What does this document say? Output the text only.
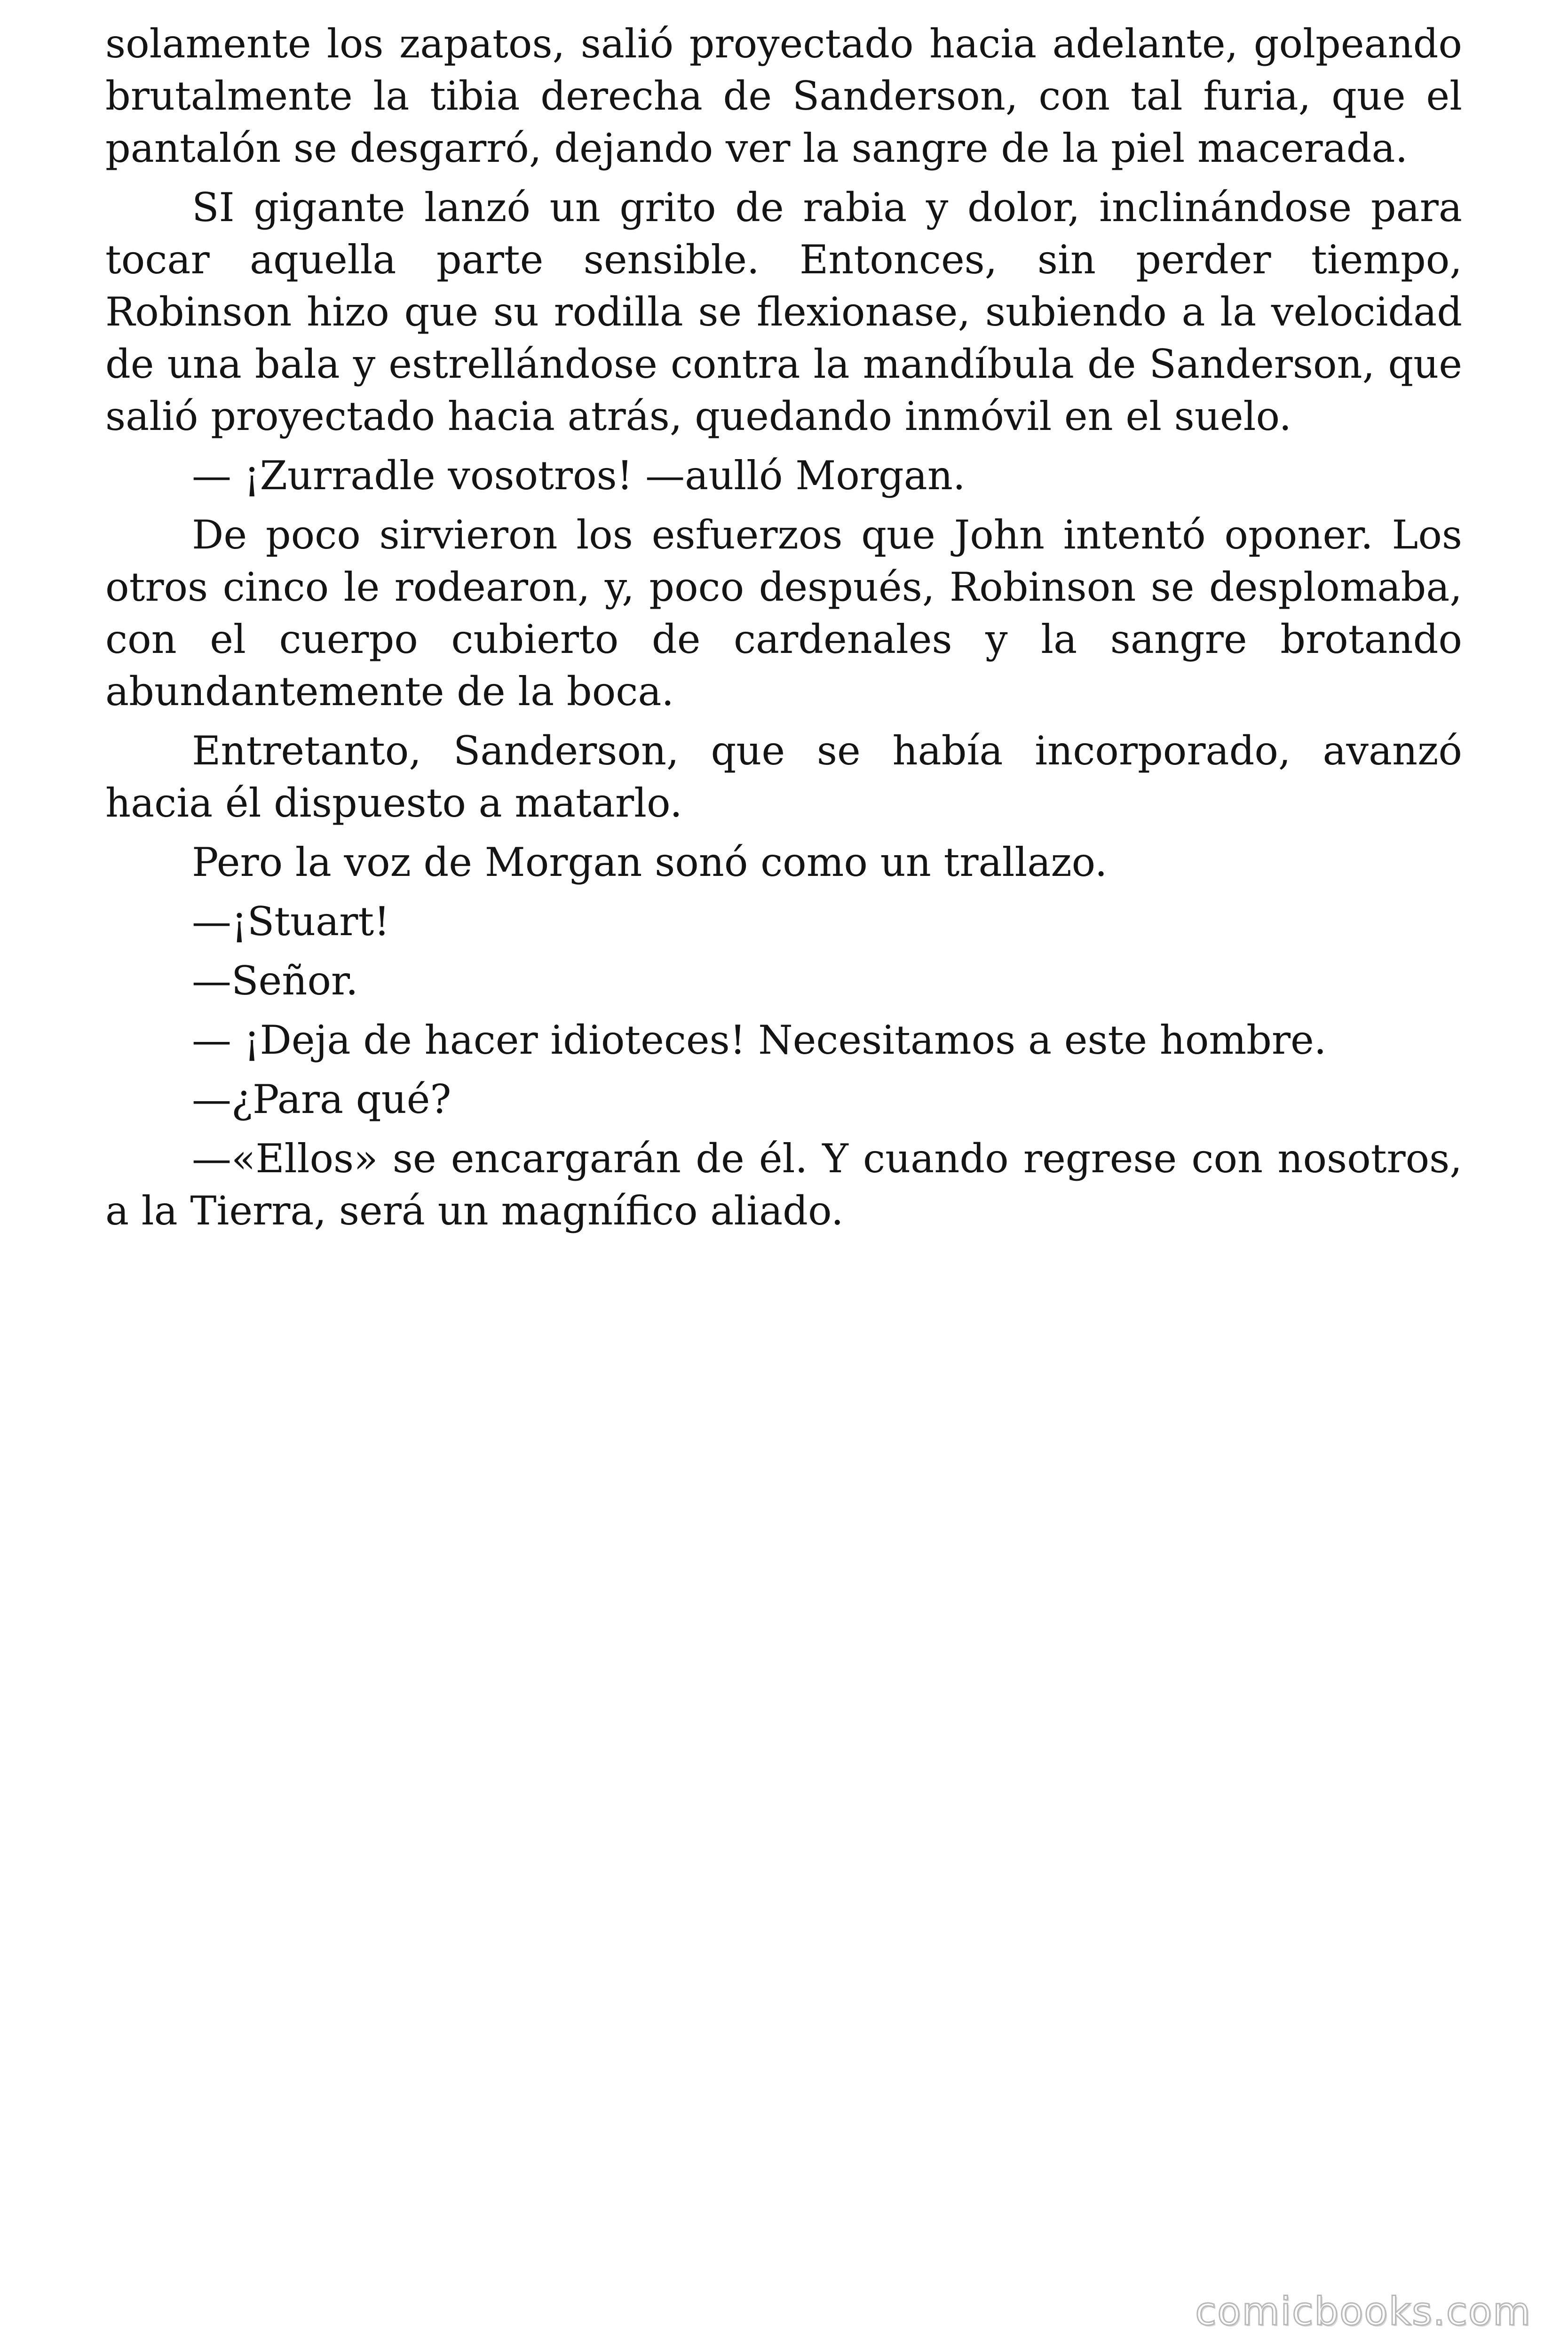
solamente los zapatos, salió proyectado hacia adelante, golpeando brutalmente la tibia derecha de Sanderson, con tal furia, que el pantalón se desgarró, dejando ver la sangre de la piel macerada.

SI gigante lanzó un grito de rabia y dolor, inclinándose para tocar aquella parte sensible. Entonces, sin perder tiempo, Robinson hizo que su rodilla se flexionase, subiendo a la velocidad de una bala y estrellándose contra la mandíbula de Sanderson, que salió proyectado hacia atrás, quedando inmóvil en el suelo.

— ¡Zurradle vosotros! —aulló Morgan.

De poco sirvieron los esfuerzos que John intentó oponer. Los otros cinco le rodearon, y, poco después, Robinson se desplomaba, con el cuerpo cubierto de cardenales y la sangre brotando abundantemente de la boca.

Entretanto, Sanderson, que se había incorporado, avanzó hacia él dispuesto a matarlo.

Pero la voz de Morgan sonó como un trallazo.

—¡Stuart!

—Señor.

— ¡Deja de hacer idioteces! Necesitamos a este hombre.

—¿Para qué?

—«Ellos» se encargarán de él. Y cuando regrese con nosotros, a la Tierra, será un magnífico aliado.

comicbooks.com
